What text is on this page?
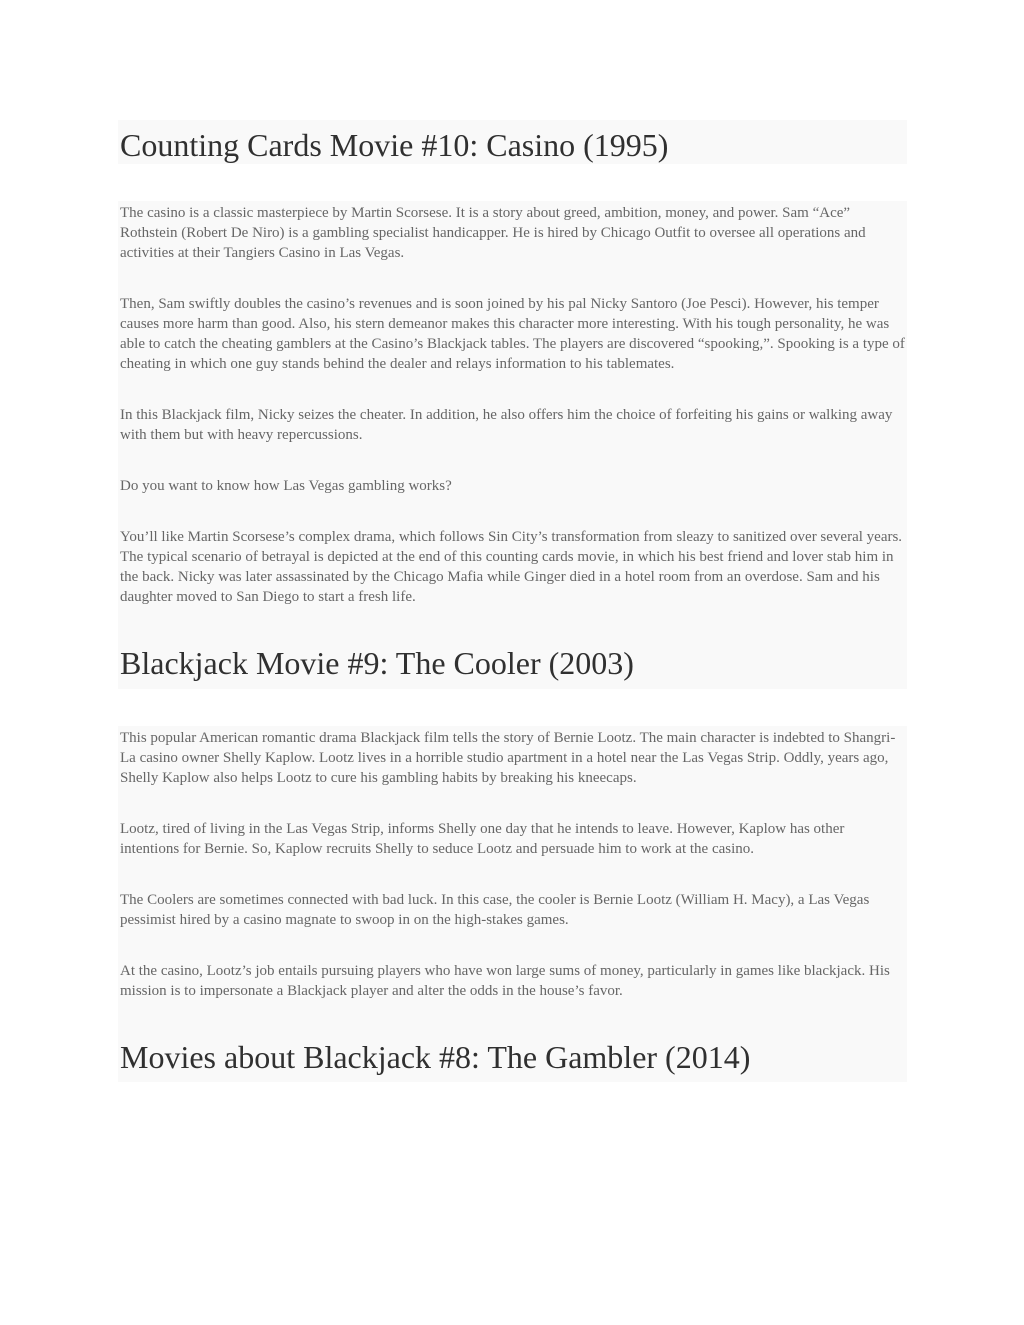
Counting Cards Movie #10: Casino (1995)

The casino is a classic masterpiece by Martin Scorsese. It is a story about greed, ambition, money, and power. Sam “Ace” Rothstein (Robert De Niro) is a gambling specialist handicapper. He is hired by Chicago Outfit to oversee all operations and activities at their Tangiers Casino in Las Vegas.

Then, Sam swiftly doubles the casino’s revenues and is soon joined by his pal Nicky Santoro (Joe Pesci). However, his temper causes more harm than good. Also, his stern demeanor makes this character more interesting. With his tough personality, he was able to catch the cheating gamblers at the Casino’s Blackjack tables. The players are discovered “spooking,”. Spooking is a type of cheating in which one guy stands behind the dealer and relays information to his tablemates.

In this Blackjack film, Nicky seizes the cheater. In addition, he also offers him the choice of forfeiting his gains or walking away with them but with heavy repercussions.

Do you want to know how Las Vegas gambling works?

You’ll like Martin Scorsese’s complex drama, which follows Sin City’s transformation from sleazy to sanitized over several years. The typical scenario of betrayal is depicted at the end of this counting cards movie, in which his best friend and lover stab him in the back. Nicky was later assassinated by the Chicago Mafia while Ginger died in a hotel room from an overdose. Sam and his daughter moved to San Diego to start a fresh life.

Blackjack Movie #9: The Cooler (2003)

This popular American romantic drama Blackjack film tells the story of Bernie Lootz. The main character is indebted to Shangri-La casino owner Shelly Kaplow. Lootz lives in a horrible studio apartment in a hotel near the Las Vegas Strip. Oddly, years ago, Shelly Kaplow also helps Lootz to cure his gambling habits by breaking his kneecaps.

Lootz, tired of living in the Las Vegas Strip, informs Shelly one day that he intends to leave. However, Kaplow has other intentions for Bernie. So, Kaplow recruits Shelly to seduce Lootz and persuade him to work at the casino.

The Coolers are sometimes connected with bad luck. In this case, the cooler is Bernie Lootz (William H. Macy), a Las Vegas pessimist hired by a casino magnate to swoop in on the high-stakes games.

At the casino, Lootz’s job entails pursuing players who have won large sums of money, particularly in games like blackjack. His mission is to impersonate a Blackjack player and alter the odds in the house’s favor.

Movies about Blackjack #8: The Gambler (2014)
